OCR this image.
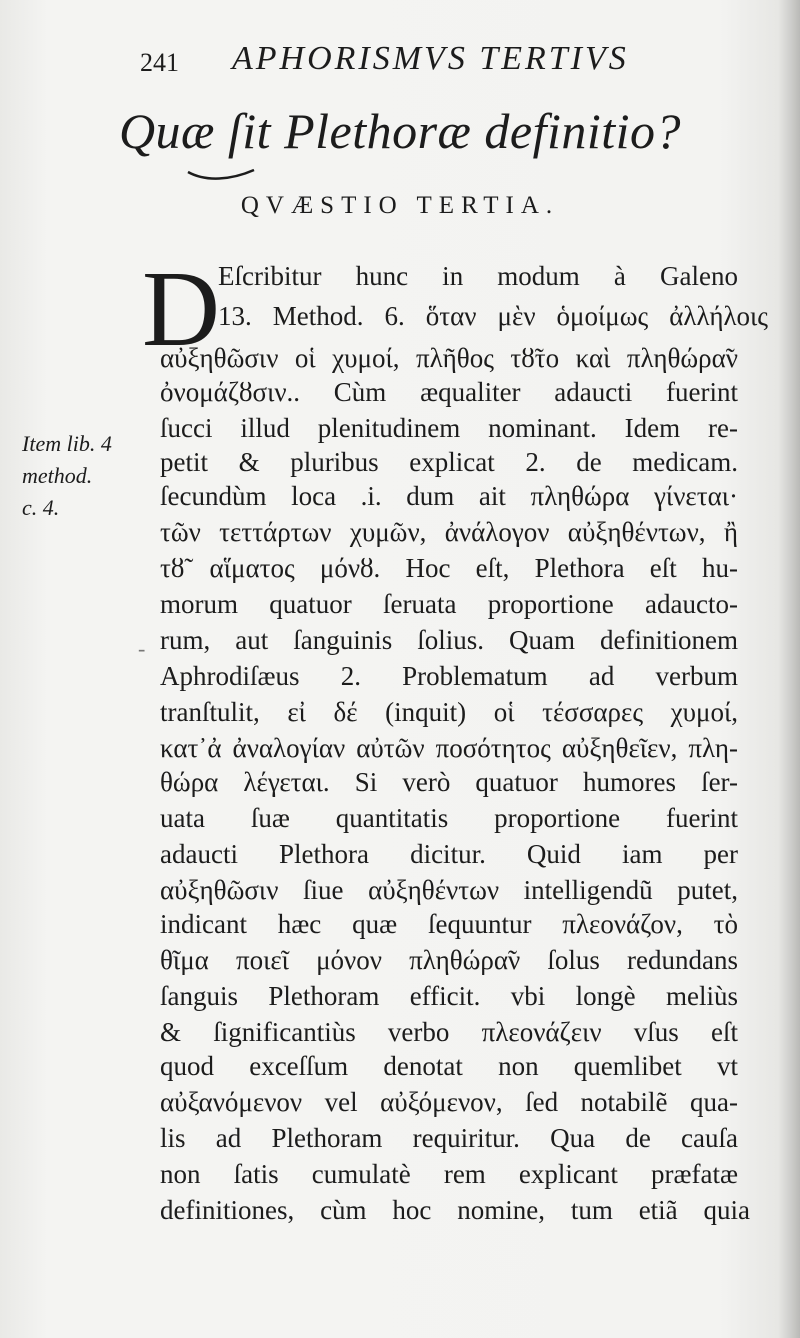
241 APHORISMVS TERTIVS
Quæ ſit Plethoræ definitio?
QVÆSTIO TERTIA.
D
Item lib. 4
method.
c. 4.
-
Eſcribitur hunc in modum à Galeno
13. Method. 6. ὅταν μὲν ὁμοίμως ἀλλήλοις
αὐξηθῶσιν οἱ χυμοί, πλῆθος τȣ̃το καὶ πληθώρα̃ν
ὀνομάζȣσιν.. Cùm æqualiter adaucti fuerint
ſucci illud plenitudinem nominant. Idem re-
petit & pluribus explicat 2. de medicam.
ſecundùm loca .i. dum ait πληθώρα γίνεται·
τῶν τεττάρτων χυμῶν, ἀνάλογον αὐξηθέντων, ἢ
τȣ̃ αἵματος μόνȣ. Hoc eſt, Plethora eſt hu-
morum quatuor ſeruata proportione adaucto-
rum, aut ſanguinis ſolius. Quam definitionem
Aphrodiſæus 2. Problematum ad verbum
tranſtulit, εἰ δέ (inquit) οἱ τέσσαρες χυμοί,
κατ᾽ἀ ἀναλογίαν αὐτῶν ποσότητος αὐξηθεῖεν, πλη-
θώρα λέγεται. Si verò quatuor humores ſer-
uata ſuæ quantitatis proportione fuerint
adaucti Plethora dicitur. Quid iam per
αὐξηθῶσιν ſiue αὐξηθέντων intelligendũ putet,
indicant hæc quæ ſequuntur πλεονάζον, τὸ
θῖμα ποιεῖ μόνον πληθώρα̃ν ſolus redundans
ſanguis Plethoram efficit. vbi longè meliùs
& ſignificantiùs verbo πλεονάζειν vſus eſt
quod exceſſum denotat non quemlibet vt
αὐξανόμενον vel αὐξόμενον, ſed notabilẽ qua-
lis ad Plethoram requiritur. Qua de cauſa
non ſatis cumulatè rem explicant præfatæ
definitiones, cùm hoc nomine, tum etiã quia
